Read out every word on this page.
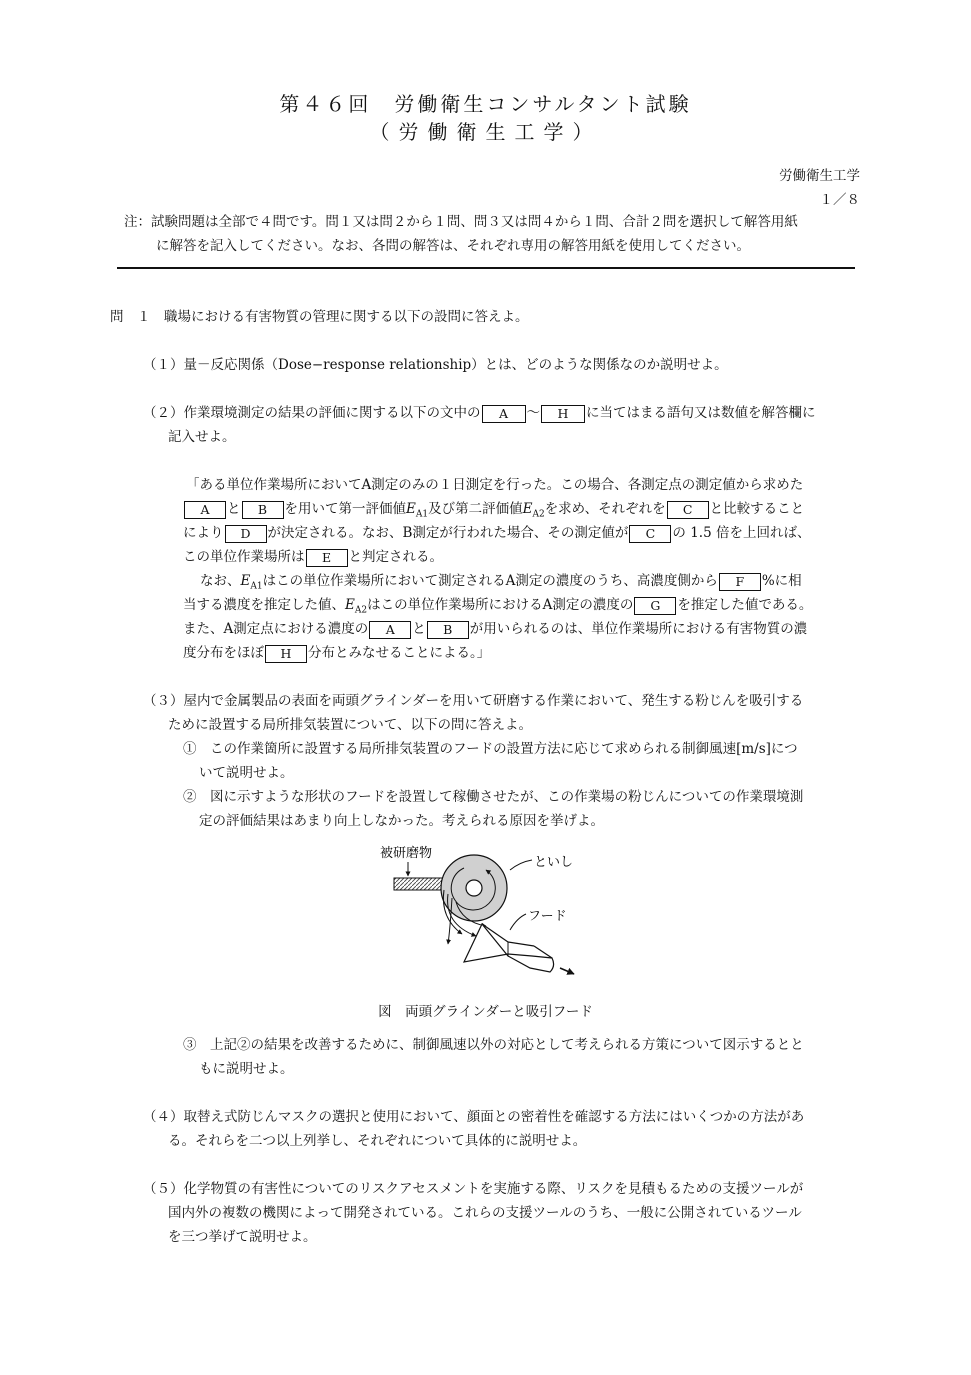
第４６回　労働衛生コンサルタント試験
（労働衛生工学）
労働衛生工学
１／８
注：試験問題は全部で４問です。問１又は問２から１問、問３又は問４から１問、合計２問を選択して解答用紙
に解答を記入してください。なお、各問の解答は、それぞれ専用の解答用紙を使用してください。
問　１　職場における有害物質の管理に関する以下の設問に答えよ。
（１）量－反応関係（Dose−response relationship）とは、どのような関係なのか説明せよ。
（２）作業環境測定の結果の評価に関する以下の文中の A ～ H に当てはまる語句又は数値を解答欄に
記入せよ。
「ある単位作業場所においてA測定のみの１日測定を行った。この場合、各測定点の測定値から求めた
A と B を用いて第一評価値$E_{A1}$及び第二評価値$E_{A2}$を求め、それぞれを C と比較すること
により D が決定される。なお、B測定が行われた場合、その測定値が C の 1.5 倍を上回れば、
この単位作業場所は E と判定される。
なお、$E_{A1}$はこの単位作業場所において測定されるA測定の濃度のうち、高濃度側から F %に相
当する濃度を推定した値、$E_{A2}$はこの単位作業場所におけるA測定の濃度の G を推定した値である。
また、A測定点における濃度の A と B が用いられるのは、単位作業場所における有害物質の濃
度分布をほぼ H 分布とみなせることによる。」
（３）屋内で金属製品の表面を両頭グラインダーを用いて研磨する作業において、発生する粉じんを吸引する
ために設置する局所排気装置について、以下の問に答えよ。
①　この作業箇所に設置する局所排気装置のフードの設置方法に応じて求められる制御風速[m/s]につ
いて説明せよ。
②　図に示すような形状のフードを設置して稼働させたが、この作業場の粉じんについての作業環境測
定の評価結果はあまり向上しなかった。考えられる原因を挙げよ。
被研磨物
といし
フード
図　両頭グラインダーと吸引フード
③　上記②の結果を改善するために、制御風速以外の対応として考えられる方策について図示するとと
もに説明せよ。
（４）取替え式防じんマスクの選択と使用において、顔面との密着性を確認する方法にはいくつかの方法があ
る。それらを二つ以上列挙し、それぞれについて具体的に説明せよ。
（５）化学物質の有害性についてのリスクアセスメントを実施する際、リスクを見積もるための支援ツールが
国内外の複数の機関によって開発されている。これらの支援ツールのうち、一般に公開されているツール
を三つ挙げて説明せよ。
